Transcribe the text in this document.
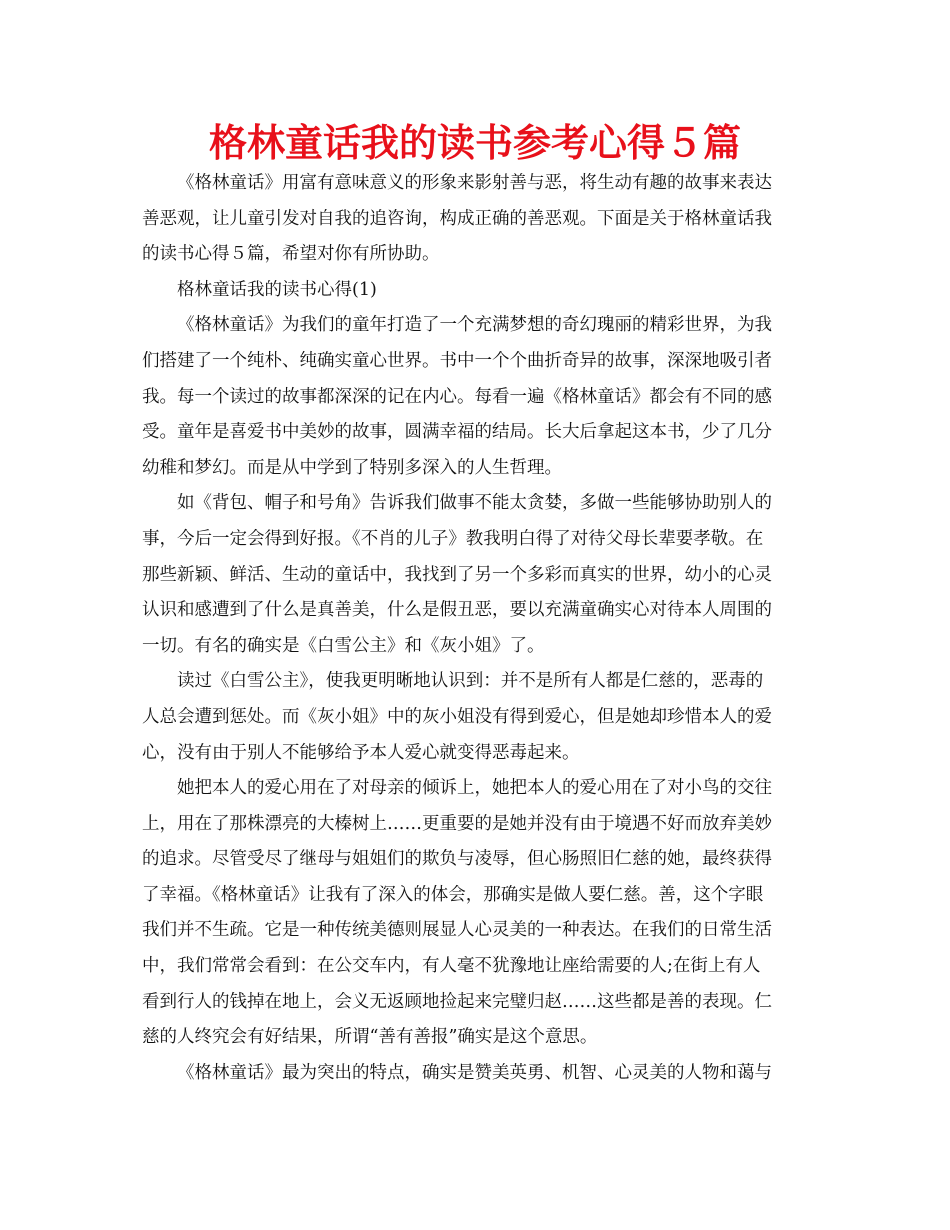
格林童话我的读书参考心得５篇
《格林童话》用富有意味意义的形象来影射善与恶，将生动有趣的故事来表达
善恶观，让儿童引发对自我的追咨询，构成正确的善恶观。下面是关于格林童话我
的读书心得５篇，希望对你有所协助。
格林童话我的读书心得(1)
《格林童话》为我们的童年打造了一个充满梦想的奇幻瑰丽的精彩世界，为我
们搭建了一个纯朴、纯确实童心世界。书中一个个曲折奇异的故事，深深地吸引者
我。每一个读过的故事都深深的记在内心。每看一遍《格林童话》都会有不同的感
受。童年是喜爱书中美妙的故事，圆满幸福的结局。长大后拿起这本书，少了几分
幼稚和梦幻。而是从中学到了特别多深入的人生哲理。
如《背包、帽子和号角》告诉我们做事不能太贪婪，多做一些能够协助别人的
事，今后一定会得到好报。《不肖的儿子》教我明白得了对待父母长辈要孝敬。在
那些新颖、鲜活、生动的童话中，我找到了另一个多彩而真实的世界，幼小的心灵
认识和感遭到了什么是真善美，什么是假丑恶，要以充满童确实心对待本人周围的
一切。有名的确实是《白雪公主》和《灰小姐》了。
读过《白雪公主》，使我更明晰地认识到：并不是所有人都是仁慈的，恶毒的
人总会遭到惩处。而《灰小姐》中的灰小姐没有得到爱心，但是她却珍惜本人的爱
心，没有由于别人不能够给予本人爱心就变得恶毒起来。
她把本人的爱心用在了对母亲的倾诉上，她把本人的爱心用在了对小鸟的交往
上，用在了那株漂亮的大榛树上……更重要的是她并没有由于境遇不好而放弃美妙
的追求。尽管受尽了继母与姐姐们的欺负与凌辱，但心肠照旧仁慈的她，最终获得
了幸福。《格林童话》让我有了深入的体会，那确实是做人要仁慈。善，这个字眼
我们并不生疏。它是一种传统美德则展显人心灵美的一种表达。在我们的日常生活
中，我们常常会看到：在公交车内，有人毫不犹豫地让座给需要的人;在街上有人
看到行人的钱掉在地上，会义无返顾地捡起来完璧归赵……这些都是善的表现。仁
慈的人终究会有好结果，所谓“善有善报”确实是这个意思。
《格林童话》最为突出的特点，确实是赞美英勇、机智、心灵美的人物和蔼与
